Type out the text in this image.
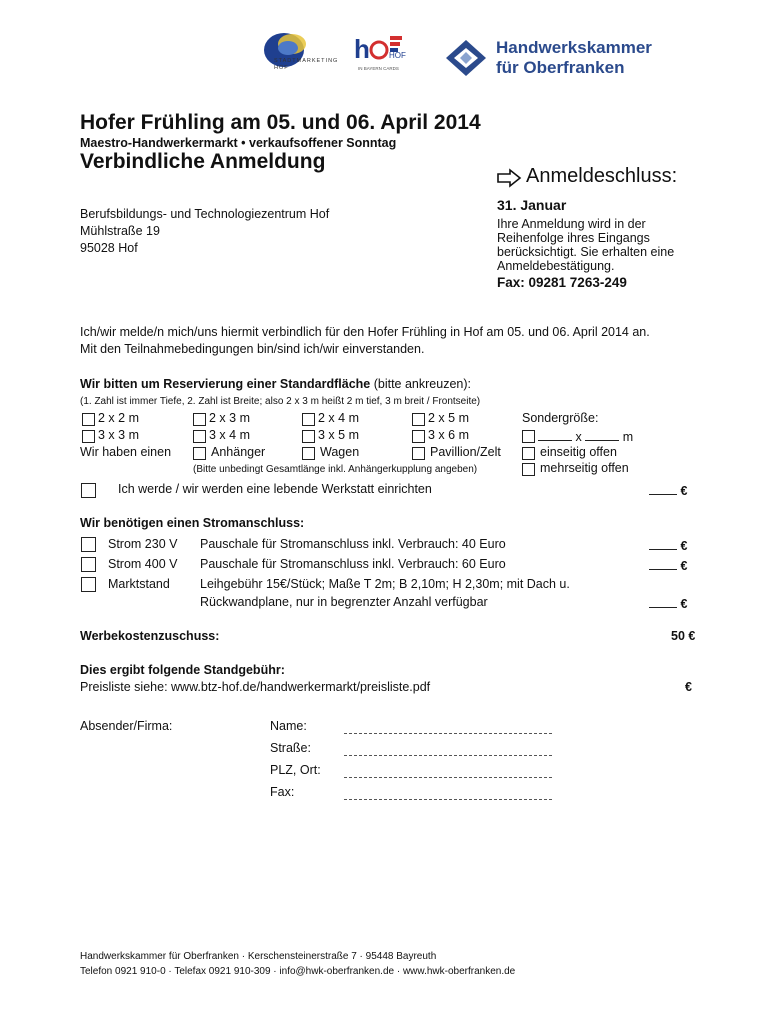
STADTMARKETING HOF
h HOF
IN BAYERN CARDS
Handwerkskammer
für Oberfranken
Hofer Frühling am 05. und 06. April 2014
Maestro-Handwerkermarkt • verkaufsoffener Sonntag
Verbindliche Anmeldung
Anmeldeschluss:
31. Januar
Ihre Anmeldung wird in der
Reihenfolge ihres Eingangs
berücksichtigt. Sie erhalten eine
Anmeldebestätigung.
Fax: 09281 7263-249
Berufsbildungs- und Technologiezentrum Hof
Mühlstraße 19
95028 Hof
Ich/wir melde/n mich/uns hiermit verbindlich für den Hofer Frühling in Hof am 05. und 06. April 2014 an.
Mit den Teilnahmebedingungen bin/sind ich/wir einverstanden.
Wir bitten um Reservierung einer Standardfläche (bitte ankreuzen):
(1. Zahl ist immer Tiefe, 2. Zahl ist Breite; also 2 x 3 m heißt 2 m tief, 3 m breit / Frontseite)
2 x 2 m	2 x 3 m	2 x 4 m	2 x 5 m	Sondergröße:
3 x 3 m	3 x 4 m	3 x 5 m	3 x 6 m	x	m
Wir haben einen	Anhänger	Wagen	Pavillion/Zelt	einseitig offen
(Bitte unbedingt Gesamtlänge inkl. Anhängerkupplung angeben)	mehrseitig offen
Ich werde / wir werden eine lebende Werkstatt einrichten	€
Wir benötigen einen Stromanschluss:
Strom 230 V Pauschale für Stromanschluss inkl. Verbrauch: 40 Euro	€
Strom 400 V Pauschale für Stromanschluss inkl. Verbrauch: 60 Euro	€
Marktstand Leihgebühr 15€/Stück; Maße T 2m; B 2,10m; H 2,30m; mit Dach u.
Rückwandplane, nur in begrenzter Anzahl verfügbar	€
Werbekostenzuschuss:	50 €
Dies ergibt folgende Standgebühr:
Preisliste siehe: www.btz-hof.de/handwerkermarkt/preisliste.pdf	€
Absender/Firma:	Name:
Straße:
PLZ, Ort:
Fax:
Handwerkskammer für Oberfranken · Kerschensteinerstraße 7 · 95448 Bayreuth
Telefon 0921 910-0 · Telefax 0921 910-309 · info@hwk-oberfranken.de · www.hwk-oberfranken.de
